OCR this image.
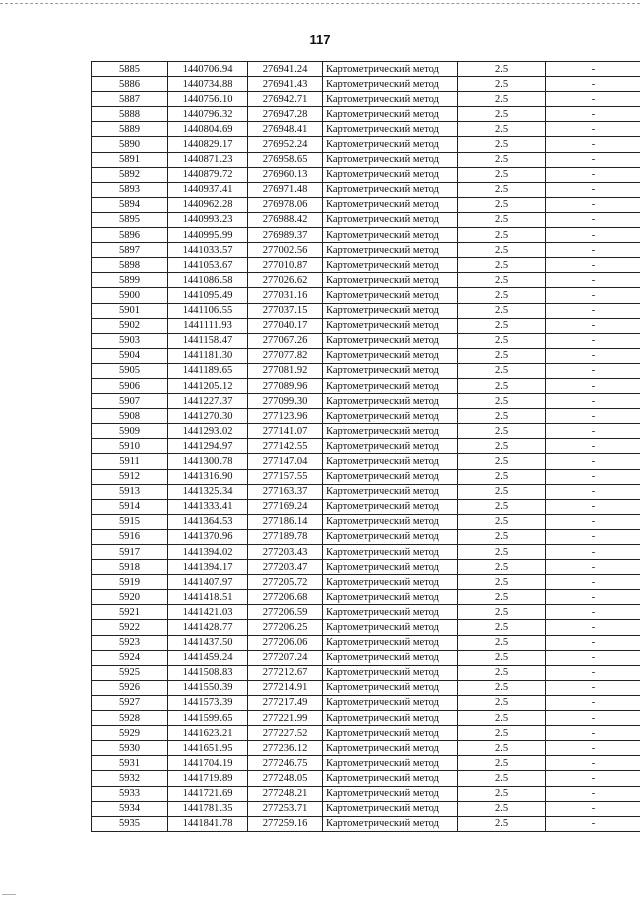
117
5885	1440706.94	276941.24	Картометрический метод	2.5	-
5886	1440734.88	276941.43	Картометрический метод	2.5	-
5887	1440756.10	276942.71	Картометрический метод	2.5	-
5888	1440796.32	276947.28	Картометрический метод	2.5	-
5889	1440804.69	276948.41	Картометрический метод	2.5	-
5890	1440829.17	276952.24	Картометрический метод	2.5	-
5891	1440871.23	276958.65	Картометрический метод	2.5	-
5892	1440879.72	276960.13	Картометрический метод	2.5	-
5893	1440937.41	276971.48	Картометрический метод	2.5	-
5894	1440962.28	276978.06	Картометрический метод	2.5	-
5895	1440993.23	276988.42	Картометрический метод	2.5	-
5896	1440995.99	276989.37	Картометрический метод	2.5	-
5897	1441033.57	277002.56	Картометрический метод	2.5	-
5898	1441053.67	277010.87	Картометрический метод	2.5	-
5899	1441086.58	277026.62	Картометрический метод	2.5	-
5900	1441095.49	277031.16	Картометрический метод	2.5	-
5901	1441106.55	277037.15	Картометрический метод	2.5	-
5902	1441111.93	277040.17	Картометрический метод	2.5	-
5903	1441158.47	277067.26	Картометрический метод	2.5	-
5904	1441181.30	277077.82	Картометрический метод	2.5	-
5905	1441189.65	277081.92	Картометрический метод	2.5	-
5906	1441205.12	277089.96	Картометрический метод	2.5	-
5907	1441227.37	277099.30	Картометрический метод	2.5	-
5908	1441270.30	277123.96	Картометрический метод	2.5	-
5909	1441293.02	277141.07	Картометрический метод	2.5	-
5910	1441294.97	277142.55	Картометрический метод	2.5	-
5911	1441300.78	277147.04	Картометрический метод	2.5	-
5912	1441316.90	277157.55	Картометрический метод	2.5	-
5913	1441325.34	277163.37	Картометрический метод	2.5	-
5914	1441333.41	277169.24	Картометрический метод	2.5	-
5915	1441364.53	277186.14	Картометрический метод	2.5	-
5916	1441370.96	277189.78	Картометрический метод	2.5	-
5917	1441394.02	277203.43	Картометрический метод	2.5	-
5918	1441394.17	277203.47	Картометрический метод	2.5	-
5919	1441407.97	277205.72	Картометрический метод	2.5	-
5920	1441418.51	277206.68	Картометрический метод	2.5	-
5921	1441421.03	277206.59	Картометрический метод	2.5	-
5922	1441428.77	277206.25	Картометрический метод	2.5	-
5923	1441437.50	277206.06	Картометрический метод	2.5	-
5924	1441459.24	277207.24	Картометрический метод	2.5	-
5925	1441508.83	277212.67	Картометрический метод	2.5	-
5926	1441550.39	277214.91	Картометрический метод	2.5	-
5927	1441573.39	277217.49	Картометрический метод	2.5	-
5928	1441599.65	277221.99	Картометрический метод	2.5	-
5929	1441623.21	277227.52	Картометрический метод	2.5	-
5930	1441651.95	277236.12	Картометрический метод	2.5	-
5931	1441704.19	277246.75	Картометрический метод	2.5	-
5932	1441719.89	277248.05	Картометрический метод	2.5	-
5933	1441721.69	277248.21	Картометрический метод	2.5	-
5934	1441781.35	277253.71	Картометрический метод	2.5	-
5935	1441841.78	277259.16	Картометрический метод	2.5	-
